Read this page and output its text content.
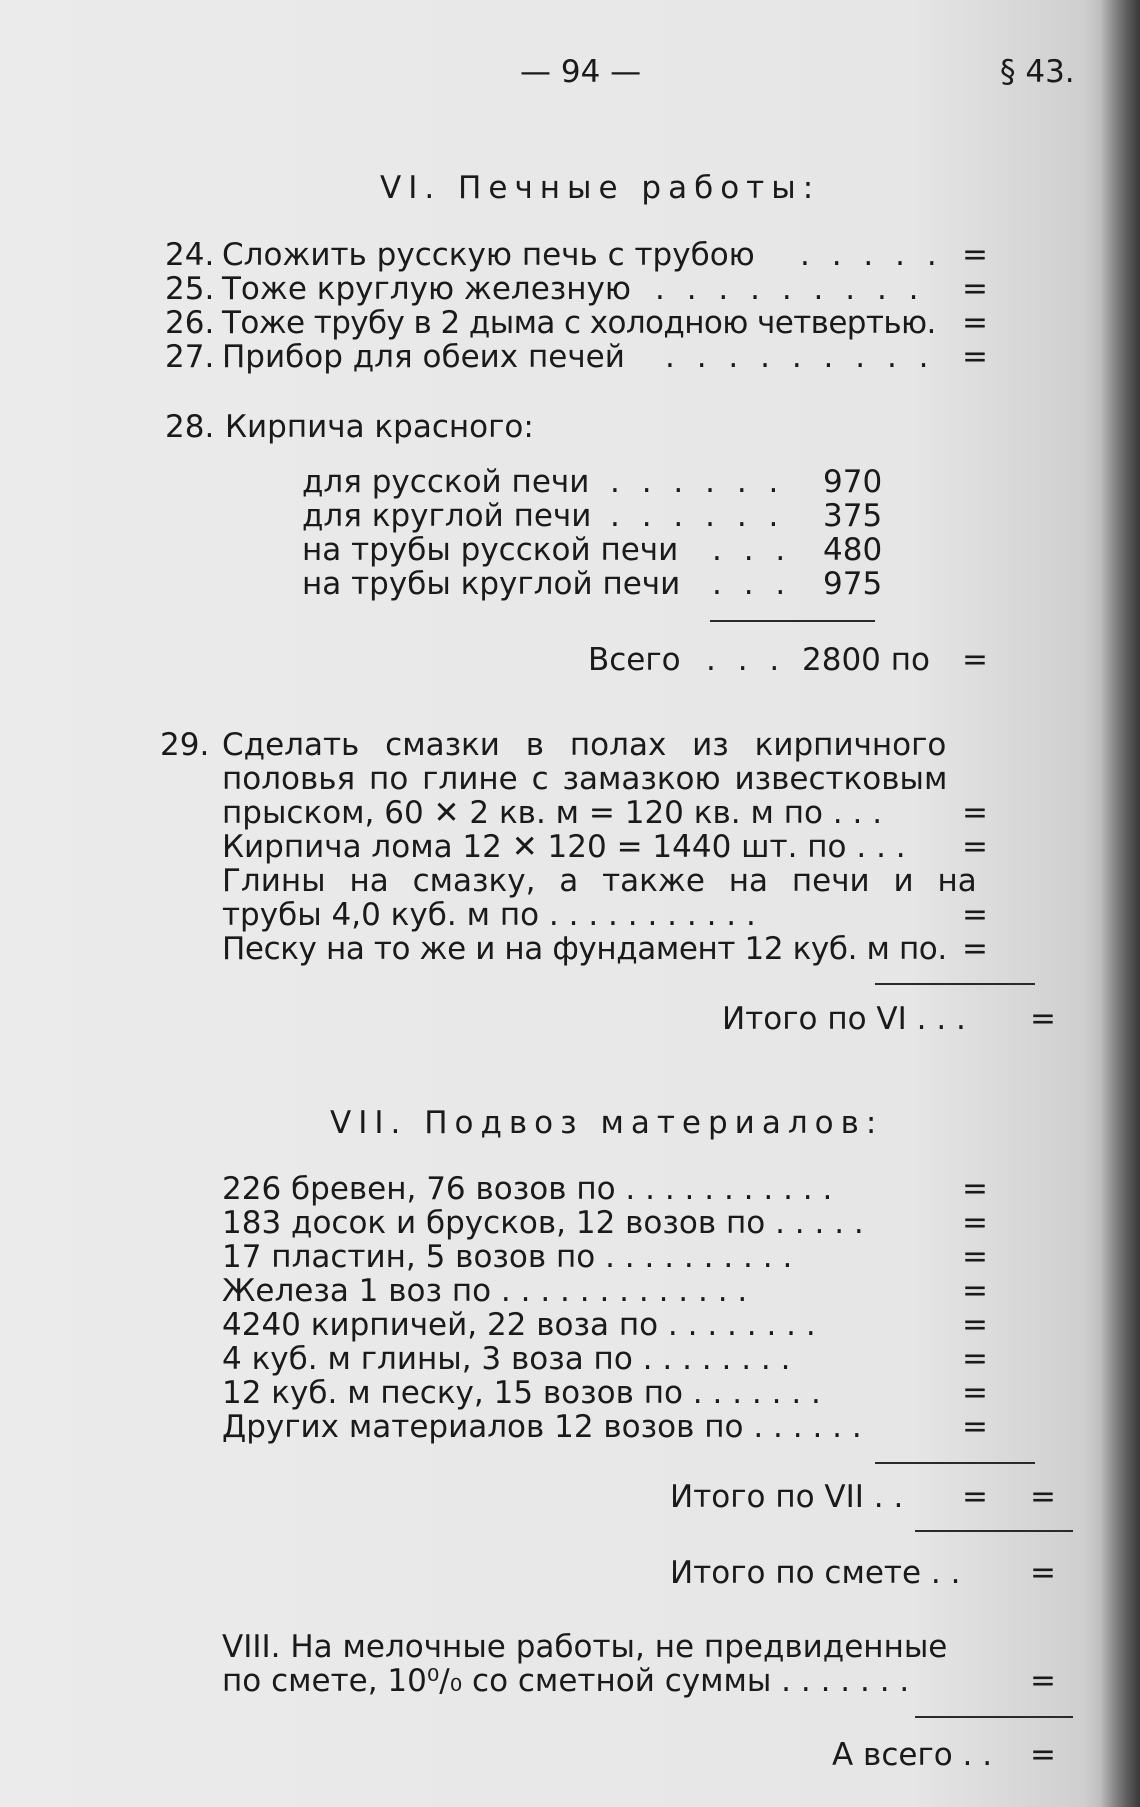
— 94 —	§ 43.
VI. Печные работы:
24. Сложить русскую печь с трубою . . . . . =
25. Тоже круглую железную . . . . . . . . . =
26. Тоже трубу в 2 дыма с холодною четвертью. =
27. Прибор для обеих печей . . . . . . . . . =
28. Кирпича красного:
для русской печи . . . . . . 970
для круглой печи . . . . . . 375
на трубы русской печи . . . 480
на трубы круглой печи . . . 975
Всего . . . 2800 по =
29. Сделать смазки в полах из кирпичного
половья по глине с замазкою известковым
прыском, 60 ✕ 2 кв. м = 120 кв. м по . . .	=
Кирпича лома 12 ✕ 120 = 1440 шт. по . . . =
Глины на смазку, а также на печи и на
трубы 4,0 куб. м по . . . . . . . . . . .	=
Песку на то же и на фундамент 12 куб. м по. =
Итого по VI . . . =
VII. Подвоз материалов:
226 бревен, 76 возов по . . . . . . . . . . .	=
183 досок и брусков, 12 возов по . . . . .	=
17 пластин, 5 возов по . . . . . . . . . .	=
Железа 1 воз по . . . . . . . . . . . . .	=
4240 кирпичей, 22 воза по . . . . . . . .	=
4 куб. м глины, 3 воза по . . . . . . . .	=
12 куб. м песку, 15 возов по . . . . . . .	=
Других материалов 12 возов по . . . . . .	=
Итого по VII . . = =
Итого по смете . . =
VIII. На мелочные работы, не предвиденные
по смете, 10⁰/₀ со сметной суммы . . . . . . .	=
А всего . . =
